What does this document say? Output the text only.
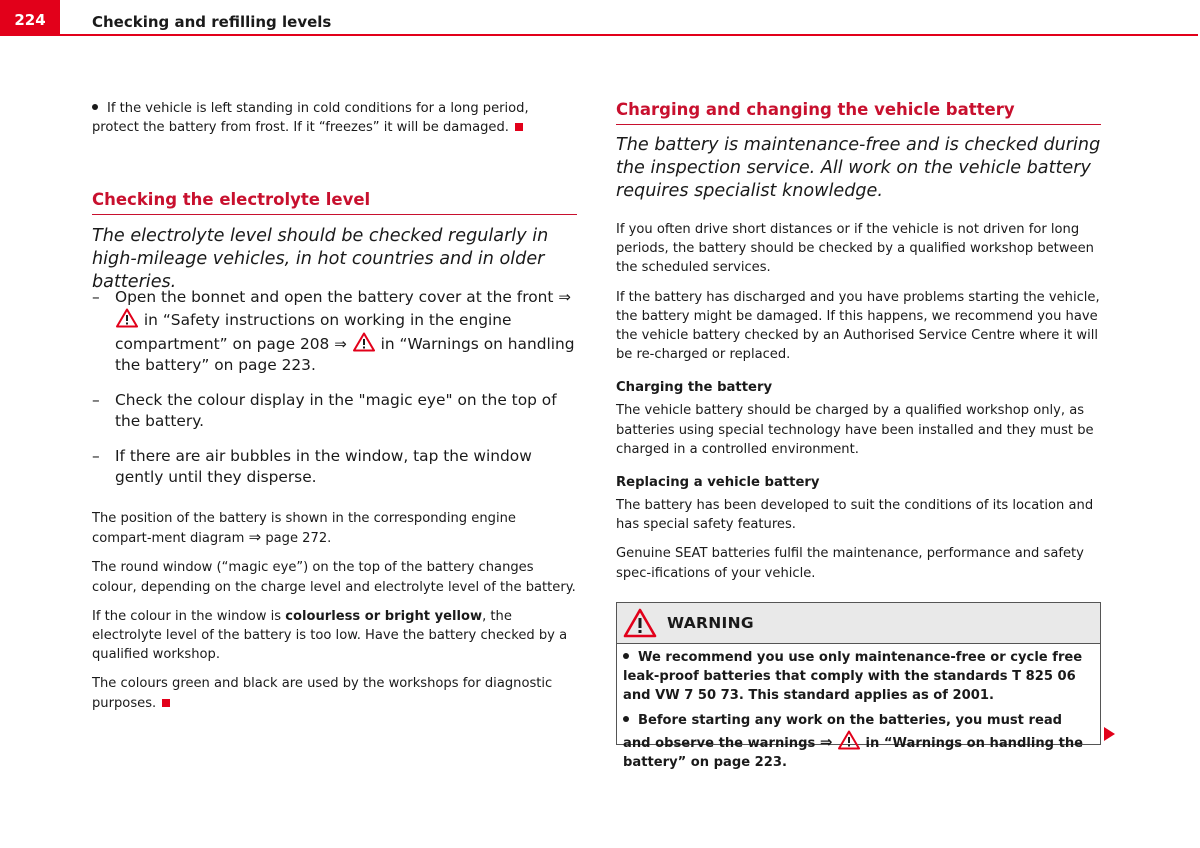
224	Checking and refilling levels

If the vehicle is left standing in cold conditions for a long period, protect the battery from frost. If it “freezes” it will be damaged.

Checking the electrolyte level

The electrolyte level should be checked regularly in high-mileage vehicles, in hot countries and in older batteries.

– Open the bonnet and open the battery cover at the front ⇒  in “Safety instructions on working in the engine compartment” on page 208 ⇒  in “Warnings on handling the battery” on page 223.
– Check the colour display in the "magic eye" on the top of the battery.
– If there are air bubbles in the window, tap the window gently until they disperse.

The position of the battery is shown in the corresponding engine compart-ment diagram ⇒ page 272.

The round window (“magic eye”) on the top of the battery changes colour, depending on the charge level and electrolyte level of the battery.

If the colour in the window is colourless or bright yellow, the electrolyte level of the battery is too low. Have the battery checked by a qualified workshop.

The colours green and black are used by the workshops for diagnostic purposes.

Charging and changing the vehicle battery

The battery is maintenance-free and is checked during the inspection service. All work on the vehicle battery requires specialist knowledge.

If you often drive short distances or if the vehicle is not driven for long periods, the battery should be checked by a qualified workshop between the scheduled services.

If the battery has discharged and you have problems starting the vehicle, the battery might be damaged. If this happens, we recommend you have the vehicle battery checked by an Authorised Service Centre where it will be re-charged or replaced.

Charging the battery

The vehicle battery should be charged by a qualified workshop only, as batteries using special technology have been installed and they must be charged in a controlled environment.

Replacing a vehicle battery

The battery has been developed to suit the conditions of its location and has special safety features.

Genuine SEAT batteries fulfil the maintenance, performance and safety spec-ifications of your vehicle.

WARNING

We recommend you use only maintenance-free or cycle free leak-proof batteries that comply with the standards T 825 06 and VW 7 50 73. This standard applies as of 2001.

Before starting any work on the batteries, you must read and observe the warnings ⇒  in “Warnings on handling the battery” on page 223.
